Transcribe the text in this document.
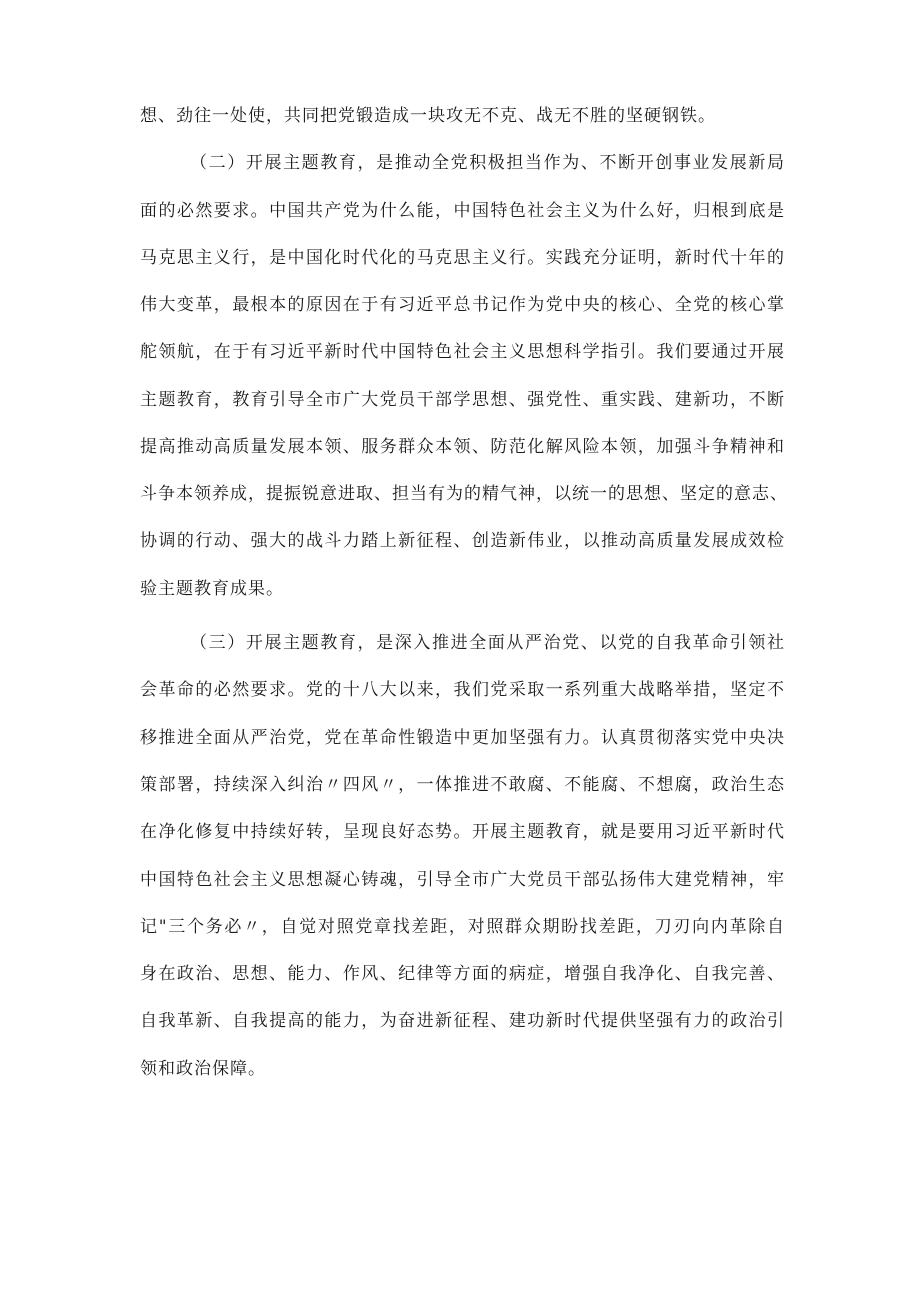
想、劲往一处使，共同把党锻造成一块攻无不克、战无不胜的坚硬钢铁。
（二）开展主题教育，是推动全党积极担当作为、不断开创事业发展新局
面的必然要求。中国共产党为什么能，中国特色社会主义为什么好，归根到底是
马克思主义行，是中国化时代化的马克思主义行。实践充分证明，新时代十年的
伟大变革，最根本的原因在于有习近平总书记作为党中央的核心、全党的核心掌
舵领航，在于有习近平新时代中国特色社会主义思想科学指引。我们要通过开展
主题教育，教育引导全市广大党员干部学思想、强党性、重实践、建新功，不断
提高推动高质量发展本领、服务群众本领、防范化解风险本领，加强斗争精神和
斗争本领养成，提振锐意进取、担当有为的精气神，以统一的思想、坚定的意志、
协调的行动、强大的战斗力踏上新征程、创造新伟业，以推动高质量发展成效检
验主题教育成果。
（三）开展主题教育，是深入推进全面从严治党、以党的自我革命引领社
会革命的必然要求。党的十八大以来，我们党采取一系列重大战略举措，坚定不
移推进全面从严治党，党在革命性锻造中更加坚强有力。认真贯彻落实党中央决
策部署，持续深入纠治〃四风〃，一体推进不敢腐、不能腐、不想腐，政治生态
在净化修复中持续好转，呈现良好态势。开展主题教育，就是要用习近平新时代
中国特色社会主义思想凝心铸魂，引导全市广大党员干部弘扬伟大建党精神，牢
记"三个务必〃，自觉对照党章找差距，对照群众期盼找差距，刀刃向内革除自
身在政治、思想、能力、作风、纪律等方面的病症，增强自我净化、自我完善、
自我革新、自我提高的能力，为奋进新征程、建功新时代提供坚强有力的政治引
领和政治保障。
